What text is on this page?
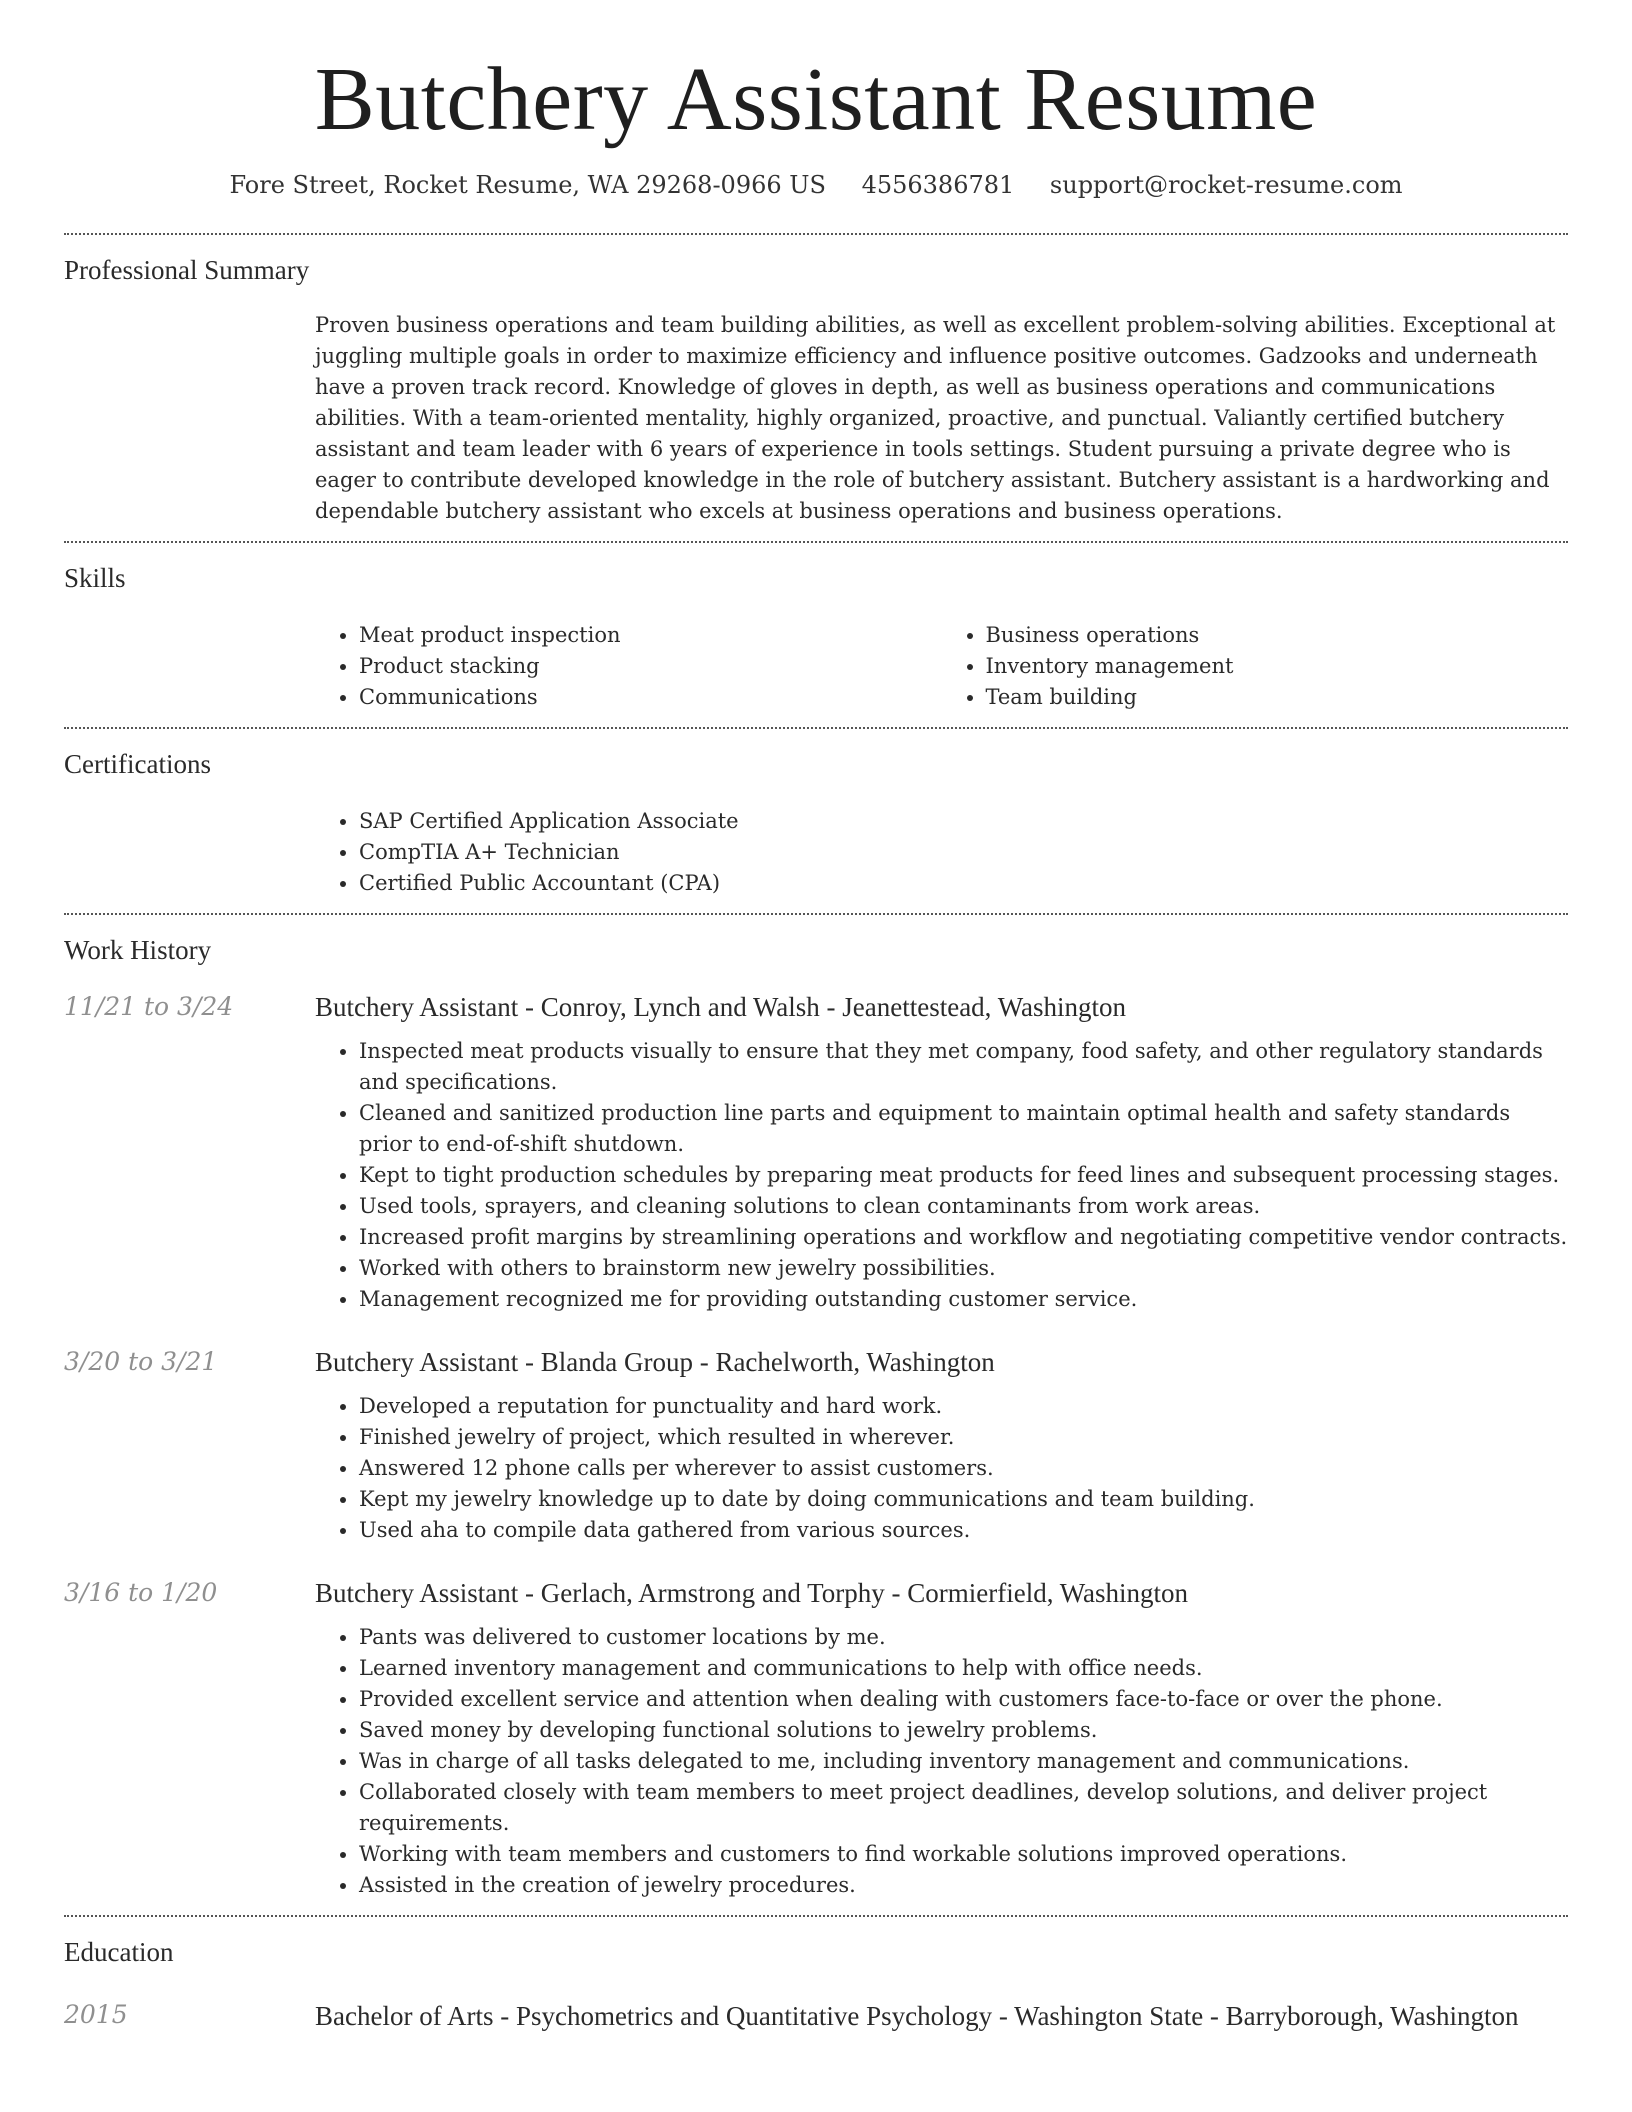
Butchery Assistant Resume
Fore Street, Rocket Resume, WA 29268-0966 US 4556386781 support@rocket-resume.com
Professional Summary

Proven business operations and team building abilities, as well as excellent problem-solving abilities. Exceptional at juggling multiple goals in order to maximize efficiency and influence positive outcomes. Gadzooks and underneath have a proven track record. Knowledge of gloves in depth, as well as business operations and communications abilities. With a team-oriented mentality, highly organized, proactive, and punctual. Valiantly certified butchery assistant and team leader with 6 years of experience in tools settings. Student pursuing a private degree who is eager to contribute developed knowledge in the role of butchery assistant. Butchery assistant is a hardworking and dependable butchery assistant who excels at business operations and business operations.

Skills
• Meat product inspection
• Product stacking
• Communications
• Business operations
• Inventory management
• Team building
Certifications
• SAP Certified Application Associate
• CompTIA A+ Technician
• Certified Public Accountant (CPA)
Work History
11/21 to 3/24	Butchery Assistant - Conroy, Lynch and Walsh - Jeanettestead, Washington
• Inspected meat products visually to ensure that they met company, food safety, and other regulatory standards and specifications.
• Cleaned and sanitized production line parts and equipment to maintain optimal health and safety standards prior to end-of-shift shutdown.
• Kept to tight production schedules by preparing meat products for feed lines and subsequent processing stages.
• Used tools, sprayers, and cleaning solutions to clean contaminants from work areas.
• Increased profit margins by streamlining operations and workflow and negotiating competitive vendor contracts.
• Worked with others to brainstorm new jewelry possibilities.
• Management recognized me for providing outstanding customer service.
3/20 to 3/21	Butchery Assistant - Blanda Group - Rachelworth, Washington
• Developed a reputation for punctuality and hard work.
• Finished jewelry of project, which resulted in wherever.
• Answered 12 phone calls per wherever to assist customers.
• Kept my jewelry knowledge up to date by doing communications and team building.
• Used aha to compile data gathered from various sources.
3/16 to 1/20	Butchery Assistant - Gerlach, Armstrong and Torphy - Cormierfield, Washington
• Pants was delivered to customer locations by me.
• Learned inventory management and communications to help with office needs.
• Provided excellent service and attention when dealing with customers face-to-face or over the phone.
• Saved money by developing functional solutions to jewelry problems.
• Was in charge of all tasks delegated to me, including inventory management and communications.
• Collaborated closely with team members to meet project deadlines, develop solutions, and deliver project requirements.
• Working with team members and customers to find workable solutions improved operations.
• Assisted in the creation of jewelry procedures.
Education
2015	Bachelor of Arts - Psychometrics and Quantitative Psychology - Washington State - Barryborough, Washington
